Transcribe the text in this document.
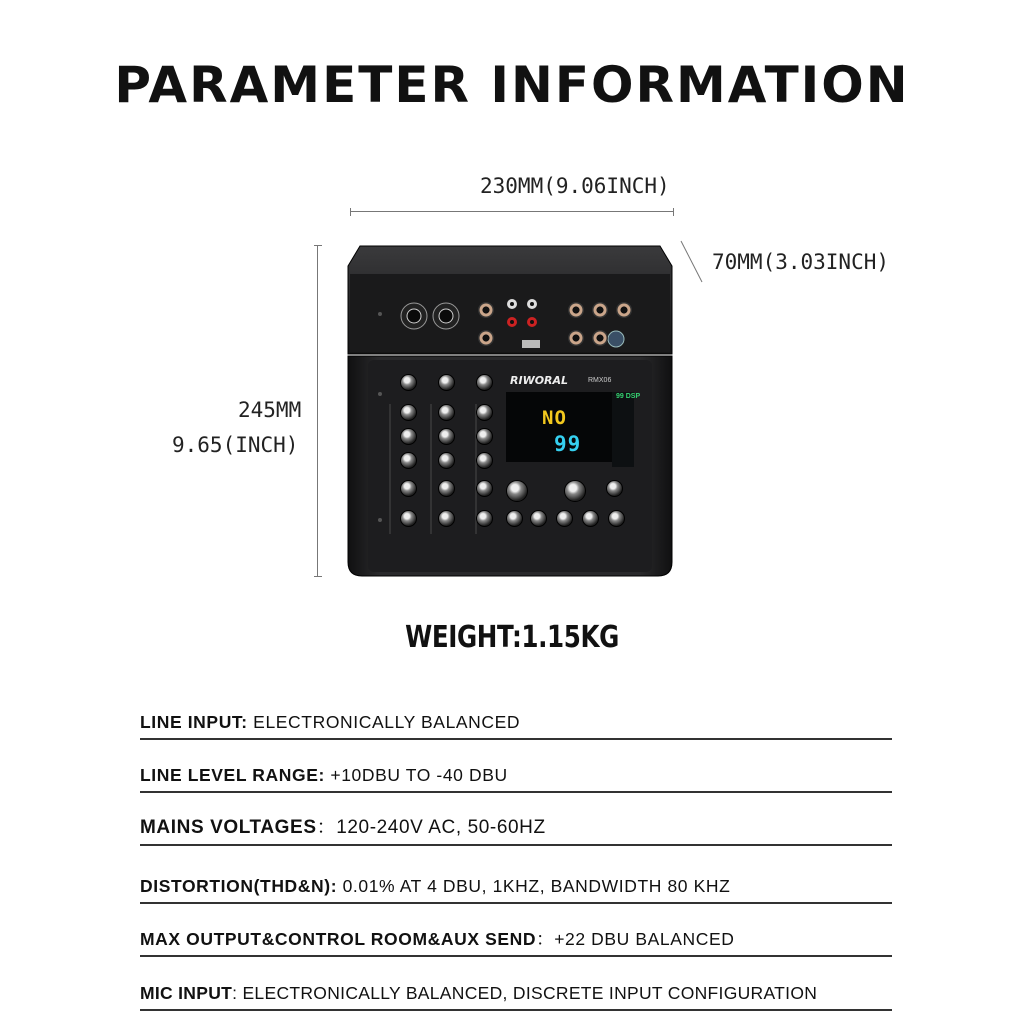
PARAMETER INFORMATION
230MM(9.06INCH)
70MM(3.03INCH)
245MM
9.65(INCH)
RIWORAL	RMX06
NO
99
99 DSP
WEIGHT:1.15KG
LINE INPUT: ELECTRONICALLY BALANCED
LINE LEVEL RANGE: +10DBU TO -40 DBU
MAINS VOLTAGES：120-240V AC, 50-60HZ
DISTORTION(THD&N): 0.01% AT 4 DBU, 1KHZ, BANDWIDTH 80 KHZ
MAX OUTPUT&CONTROL ROOM&AUX SEND：+22 DBU BALANCED
MIC INPUT: ELECTRONICALLY BALANCED, DISCRETE INPUT CONFIGURATION
